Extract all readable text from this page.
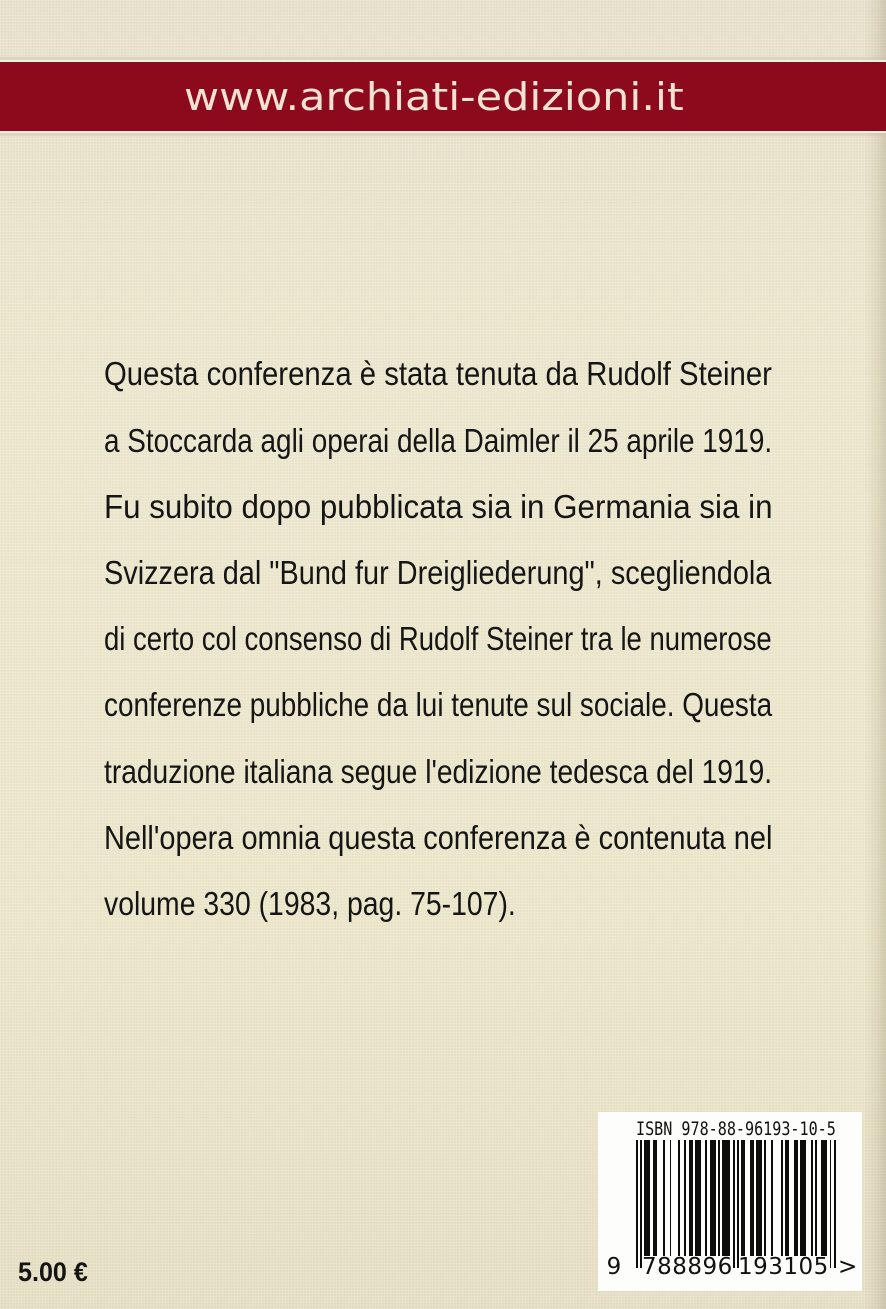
www.archiati-edizioni.it
Questa conferenza è stata tenuta da Rudolf Steiner
a Stoccarda agli operai della Daimler il 25 aprile 1919.
Fu subito dopo pubblicata sia in Germania sia in
Svizzera dal "Bund fur Dreigliederung", scegliendola
di certo col consenso di Rudolf Steiner tra le numerose
conferenze pubbliche da lui tenute sul sociale. Questa
traduzione italiana segue l'edizione tedesca del 1919.
Nell'opera omnia questa conferenza è contenuta nel
volume 330 (1983, pag. 75-107).
5.00 €
ISBN 978-88-96193-10-5
9 788896 193105 >
